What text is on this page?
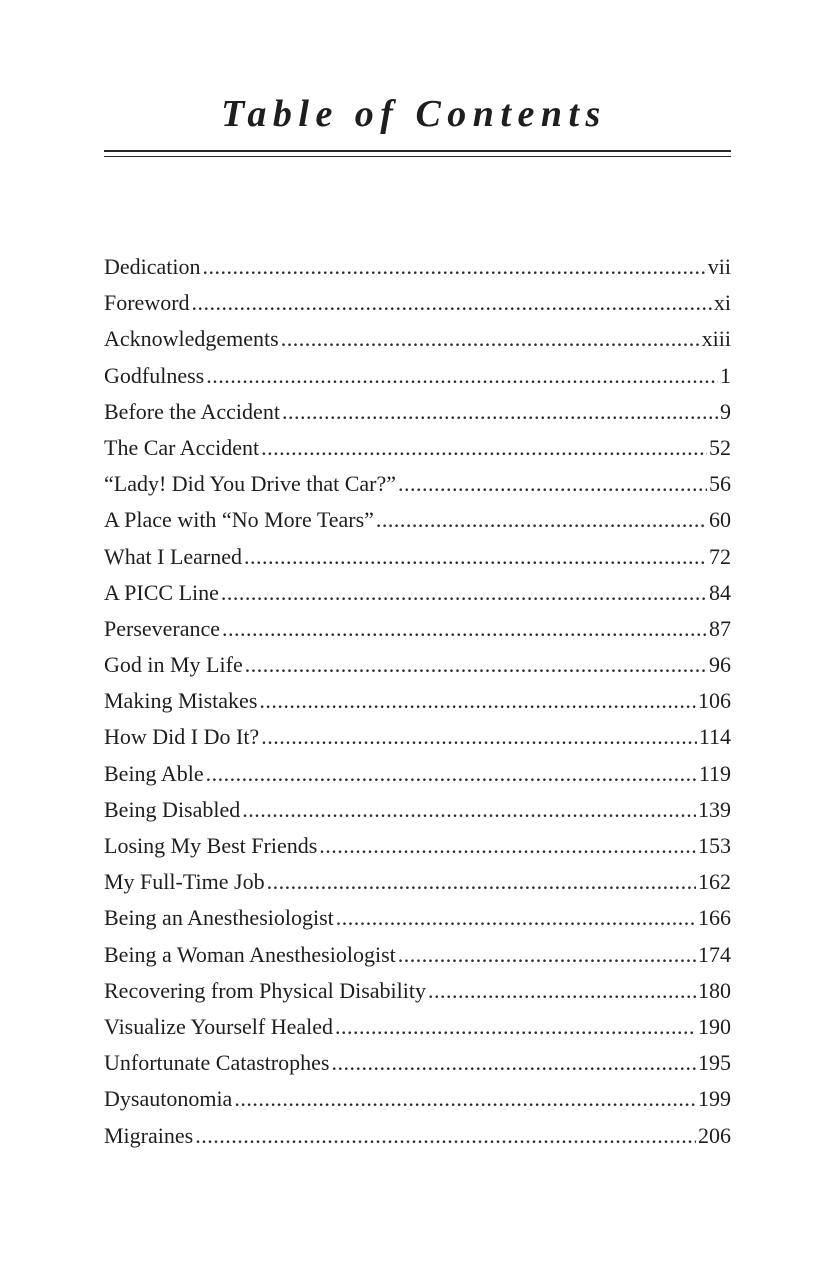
Table of Contents
Dedication .....	vii
Foreword .....	xi
Acknowledgements .....	xiii
Godfulness .....	1
Before the Accident .....	9
The Car Accident .....	52
“Lady! Did You Drive that Car?” .....	56
A Place with “No More Tears” .....	60
What I Learned .....	72
A PICC Line .....	84
Perseverance .....	87
God in My Life .....	96
Making Mistakes .....	106
How Did I Do It? .....	114
Being Able .....	119
Being Disabled .....	139
Losing My Best Friends .....	153
My Full-Time Job .....	162
Being an Anesthesiologist .....	166
Being a Woman Anesthesiologist .....	174
Recovering from Physical Disability .....	180
Visualize Yourself Healed .....	190
Unfortunate Catastrophes .....	195
Dysautonomia .....	199
Migraines .....	206
